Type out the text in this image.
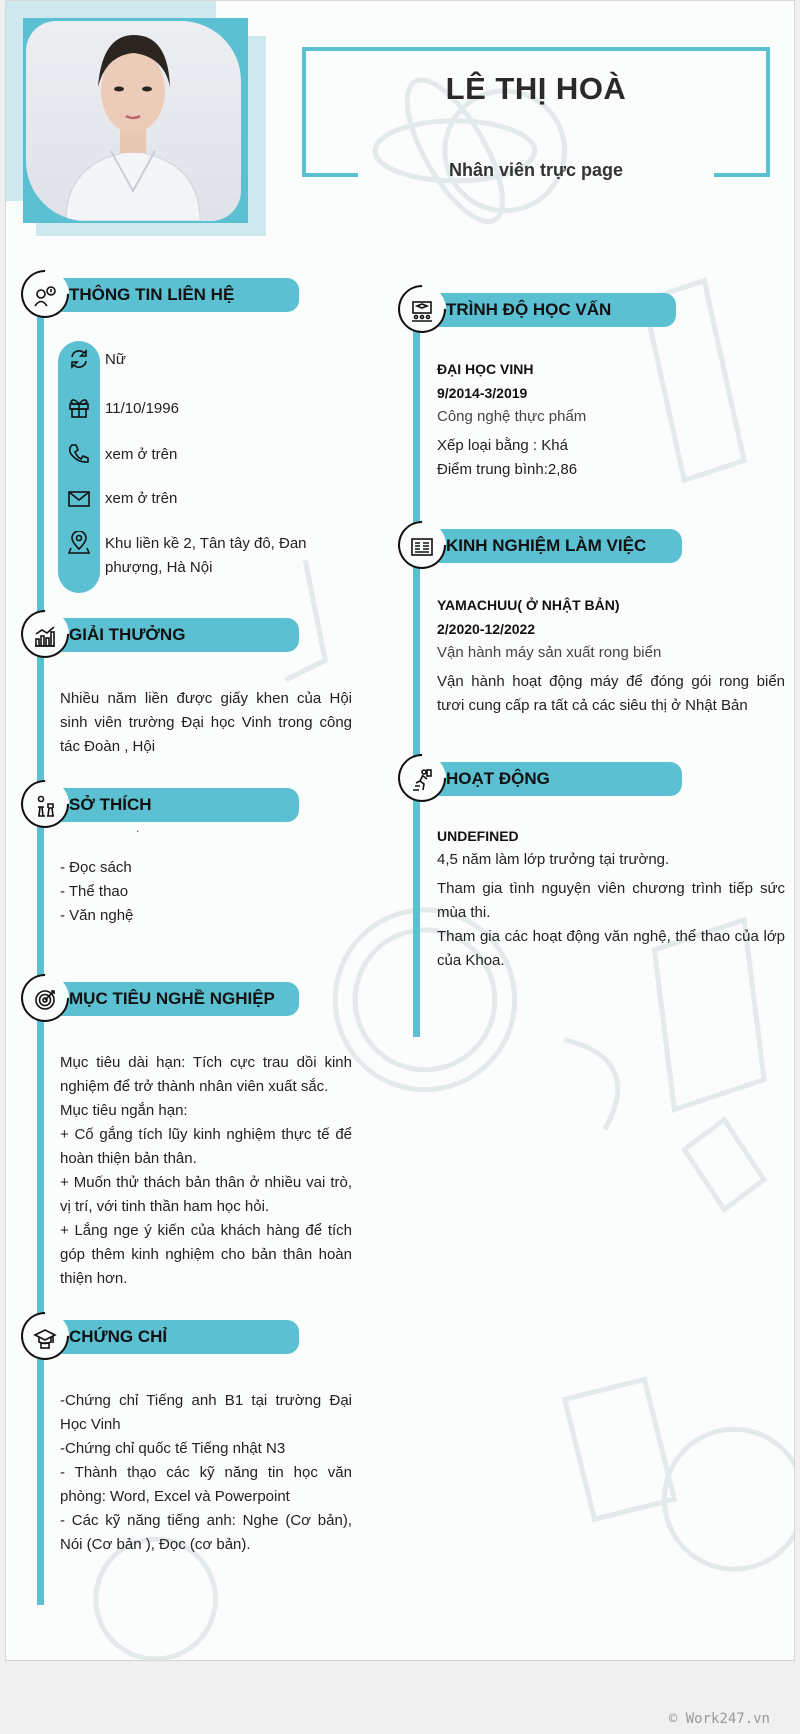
LÊ THỊ HOÀ
Nhân viên trực page
THÔNG TIN LIÊN HỆ
Nữ
11/10/1996
xem ở trên
xem ở trên
Khu liền kề 2, Tân tây đô, Đan phượng, Hà Nội
GIẢI THƯỞNG
Nhiều năm liền được giấy khen của Hội sinh viên trường Đại học Vinh trong công tác Đoàn , Hội
SỞ THÍCH
.
- Đọc sách
- Thể thao
- Văn nghệ
MỤC TIÊU NGHỀ NGHIỆP
Mục tiêu dài hạn: Tích cực trau dồi kinh nghiệm để trở thành nhân viên xuất sắc.
Mục tiêu ngắn hạn:
+ Cố gắng tích lũy kinh nghiệm thực tế để hoàn thiện bản thân.
+ Muốn thử thách bản thân ở nhiều vai trò, vị trí, với tinh thần ham học hỏi.
+ Lắng nge ý kiến của khách hàng để tích góp thêm kinh nghiệm cho bản thân hoàn thiện hơn.
CHỨNG CHỈ
-Chứng chỉ Tiếng anh B1 tại trường Đại Học Vinh
-Chứng chỉ quốc tế Tiếng nhật N3
- Thành thạo các kỹ năng tin học văn phòng: Word, Excel và Powerpoint
- Các kỹ năng tiếng anh: Nghe (Cơ bản), Nói (Cơ bản ), Đọc (cơ bản).
TRÌNH ĐỘ HỌC VẤN
ĐẠI HỌC VINH
9/2014-3/2019
Công nghệ thực phẩm
Xếp loại bằng : Khá
Điểm trung bình:2,86
KINH NGHIỆM LÀM VIỆC
YAMACHUU( Ở NHẬT BẢN)
2/2020-12/2022
Vận hành máy sản xuất rong biển
Vận hành hoạt động máy để đóng gói rong biển tươi cung cấp ra tất cả các siêu thị ở Nhật Bản
HOẠT ĐỘNG
UNDEFINED
4,5 năm làm lớp trưởng tại trường.
Tham gia tình nguyện viên chương trình tiếp sức mùa thi.
Tham gia các hoạt động văn nghệ, thể thao của lớp của Khoa.
© Work247.vn
